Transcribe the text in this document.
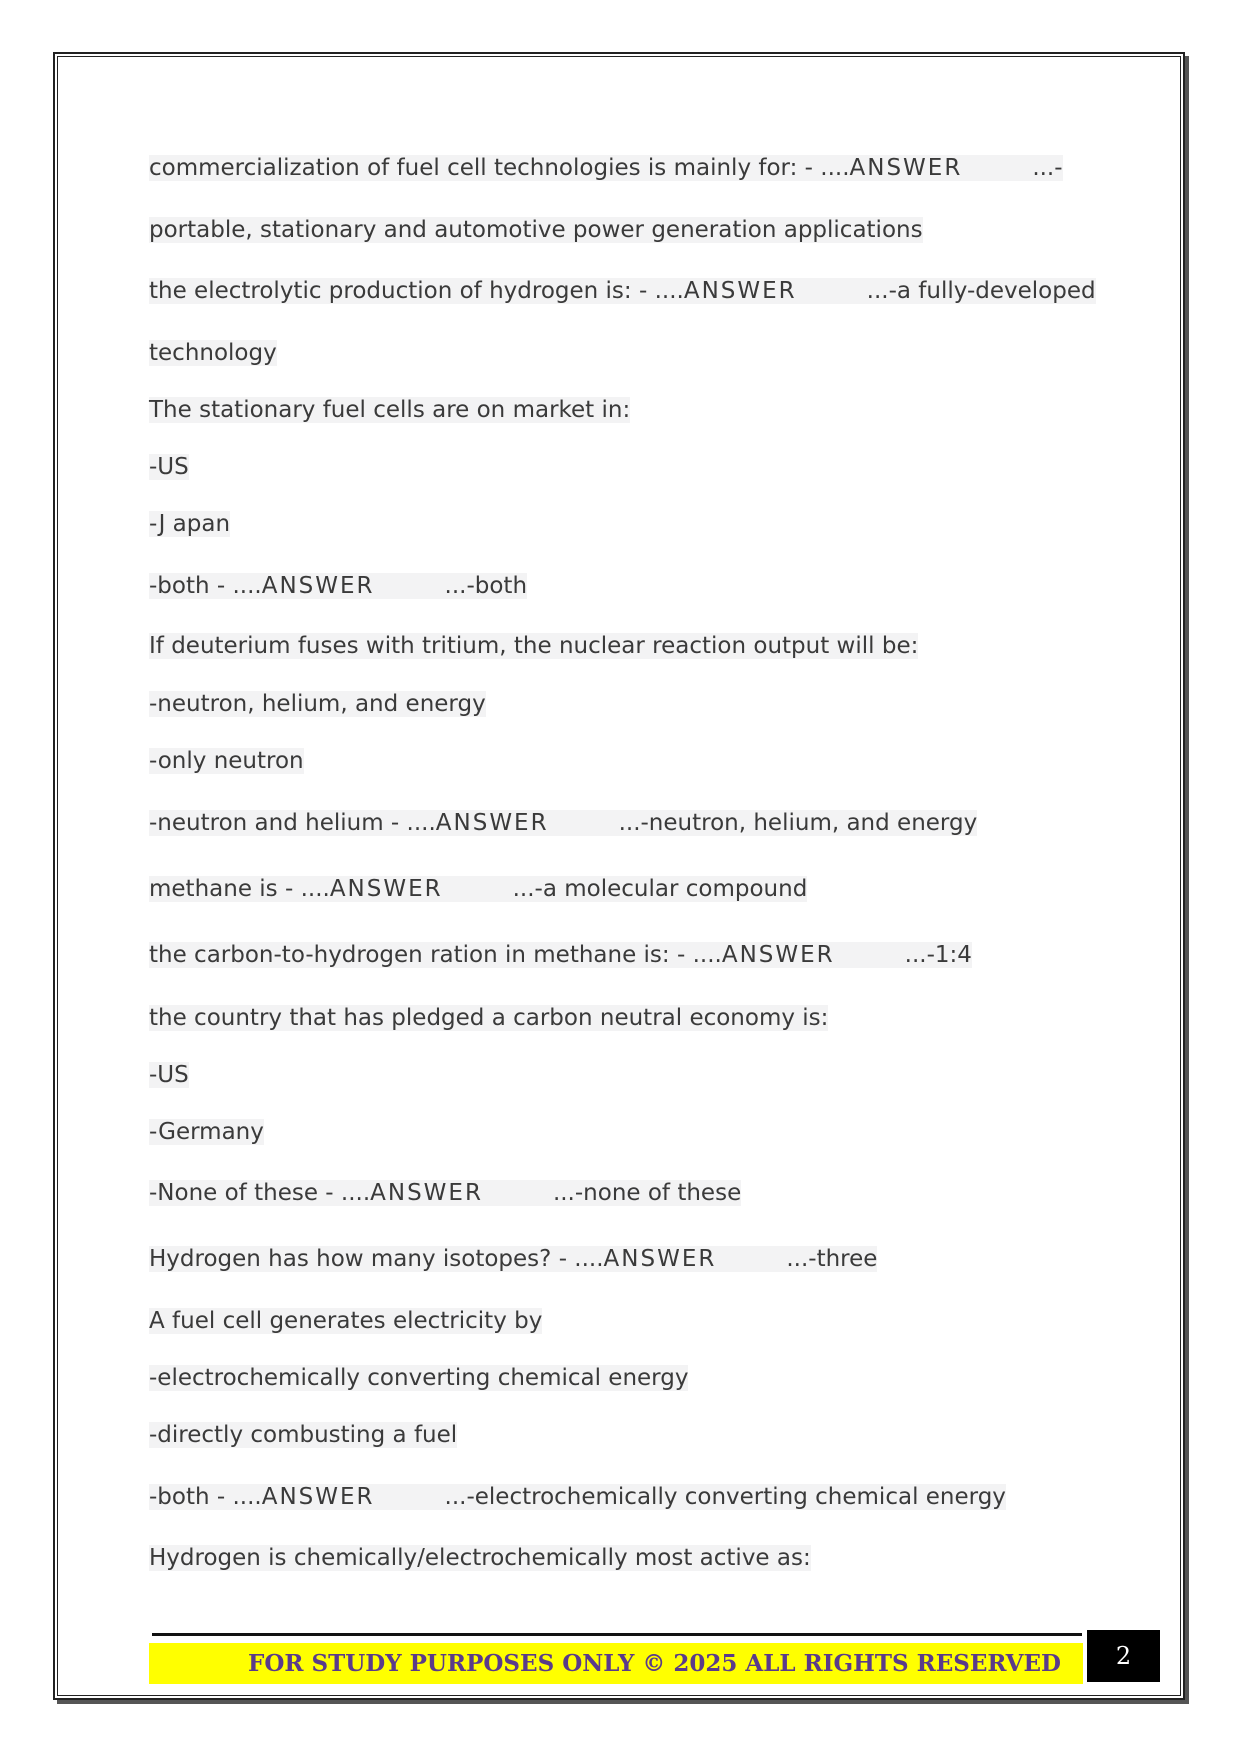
commercialization of fuel cell technologies is mainly for: - ....ANSWER	...-
portable, stationary and automotive power generation applications
the electrolytic production of hydrogen is: - ....ANSWER	...-a fully-developed
technology
The stationary fuel cells are on market in:
-US
-J apan
-both - ....ANSWER	...-both
If deuterium fuses with tritium, the nuclear reaction output will be:
-neutron, helium, and energy
-only neutron
-neutron and helium - ....ANSWER	...-neutron, helium, and energy
methane is - ....ANSWER	...-a molecular compound
the carbon-to-hydrogen ration in methane is: - ....ANSWER	...-1:4
the country that has pledged a carbon neutral economy is:
-US
-Germany
-None of these - ....ANSWER	...-none of these
Hydrogen has how many isotopes? - ....ANSWER	...-three
A fuel cell generates electricity by
-electrochemically converting chemical energy
-directly combusting a fuel
-both - ....ANSWER	...-electrochemically converting chemical energy
Hydrogen is chemically/electrochemically most active as:
FOR STUDY PURPOSES ONLY © 2025 ALL RIGHTS RESERVED	2
